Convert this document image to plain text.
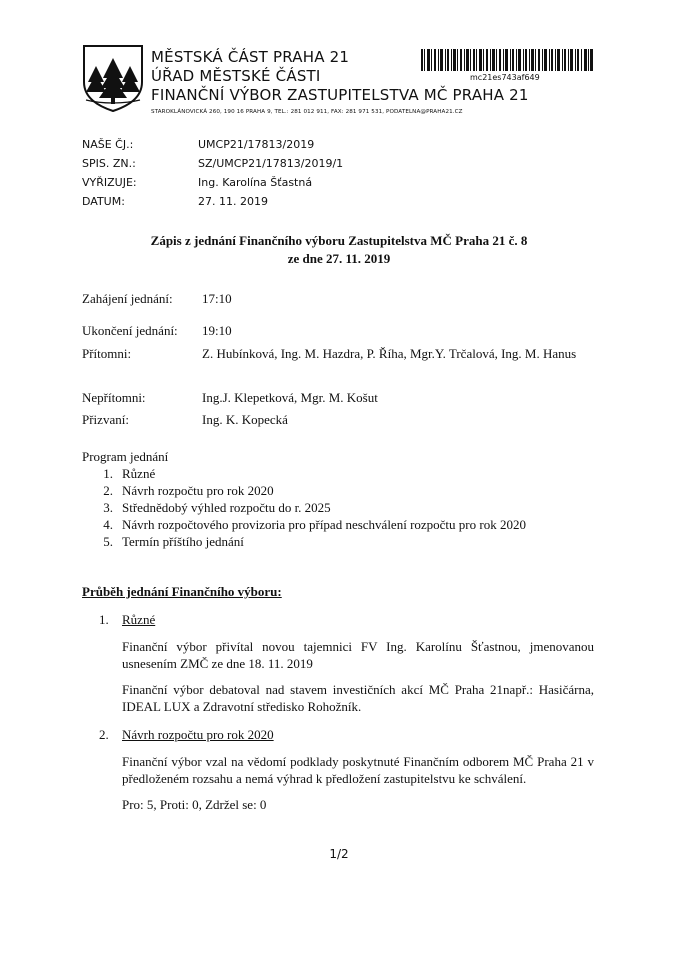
MĚSTSKÁ ČÁST PRAHA 21
ÚŘAD MĚSTSKÉ ČÁSTI
FINANČNÍ VÝBOR ZASTUPITELSTVA MČ PRAHA 21
STAROKLÁNOVICKÁ 260, 190 16 PRAHA 9, TEL.: 281 012 911, FAX: 281 971 531, PODATELNA@PRAHA21.CZ
mc21es743af649
NAŠE ČJ.:	UMCP21/17813/2019
SPIS. ZN.:	SZ/UMCP21/17813/2019/1
VYŘIZUJE:	Ing. Karolína Šťastná
DATUM:	27. 11. 2019
Zápis z jednání Finančního výboru Zastupitelstva MČ Praha 21 č. 8
ze dne 27. 11. 2019
Zahájení jednání: 17:10
Ukončení jednání: 19:10
Přítomni:	Z. Hubínková, Ing. M. Hazdra, P. Říha, Mgr.Y. Trčalová, Ing. M. Hanus
Nepřítomni:	Ing.J. Klepetková, Mgr. M. Košut
Přizvaní:	Ing. K. Kopecká
Program jednání
1. Různé
2. Návrh rozpočtu pro rok 2020
3. Střednědobý výhled rozpočtu do r. 2025
4. Návrh rozpočtového provizoria pro případ neschválení rozpočtu pro rok 2020
5. Termín příštího jednání
Průběh jednání Finančního výboru:
1. Různé
Finanční výbor přivítal novou tajemnici FV Ing. Karolínu Šťastnou, jmenovanou usnesením ZMČ ze dne 18. 11. 2019
Finanční výbor debatoval nad stavem investičních akcí MČ Praha 21např.: Hasičárna, IDEAL LUX a Zdravotní středisko Rohožník.
2. Návrh rozpočtu pro rok 2020
Finanční výbor vzal na vědomí podklady poskytnuté Finančním odborem MČ Praha 21 v předloženém rozsahu a nemá výhrad k předložení zastupitelstvu ke schválení.
Pro: 5, Proti: 0, Zdržel se: 0
1/2
